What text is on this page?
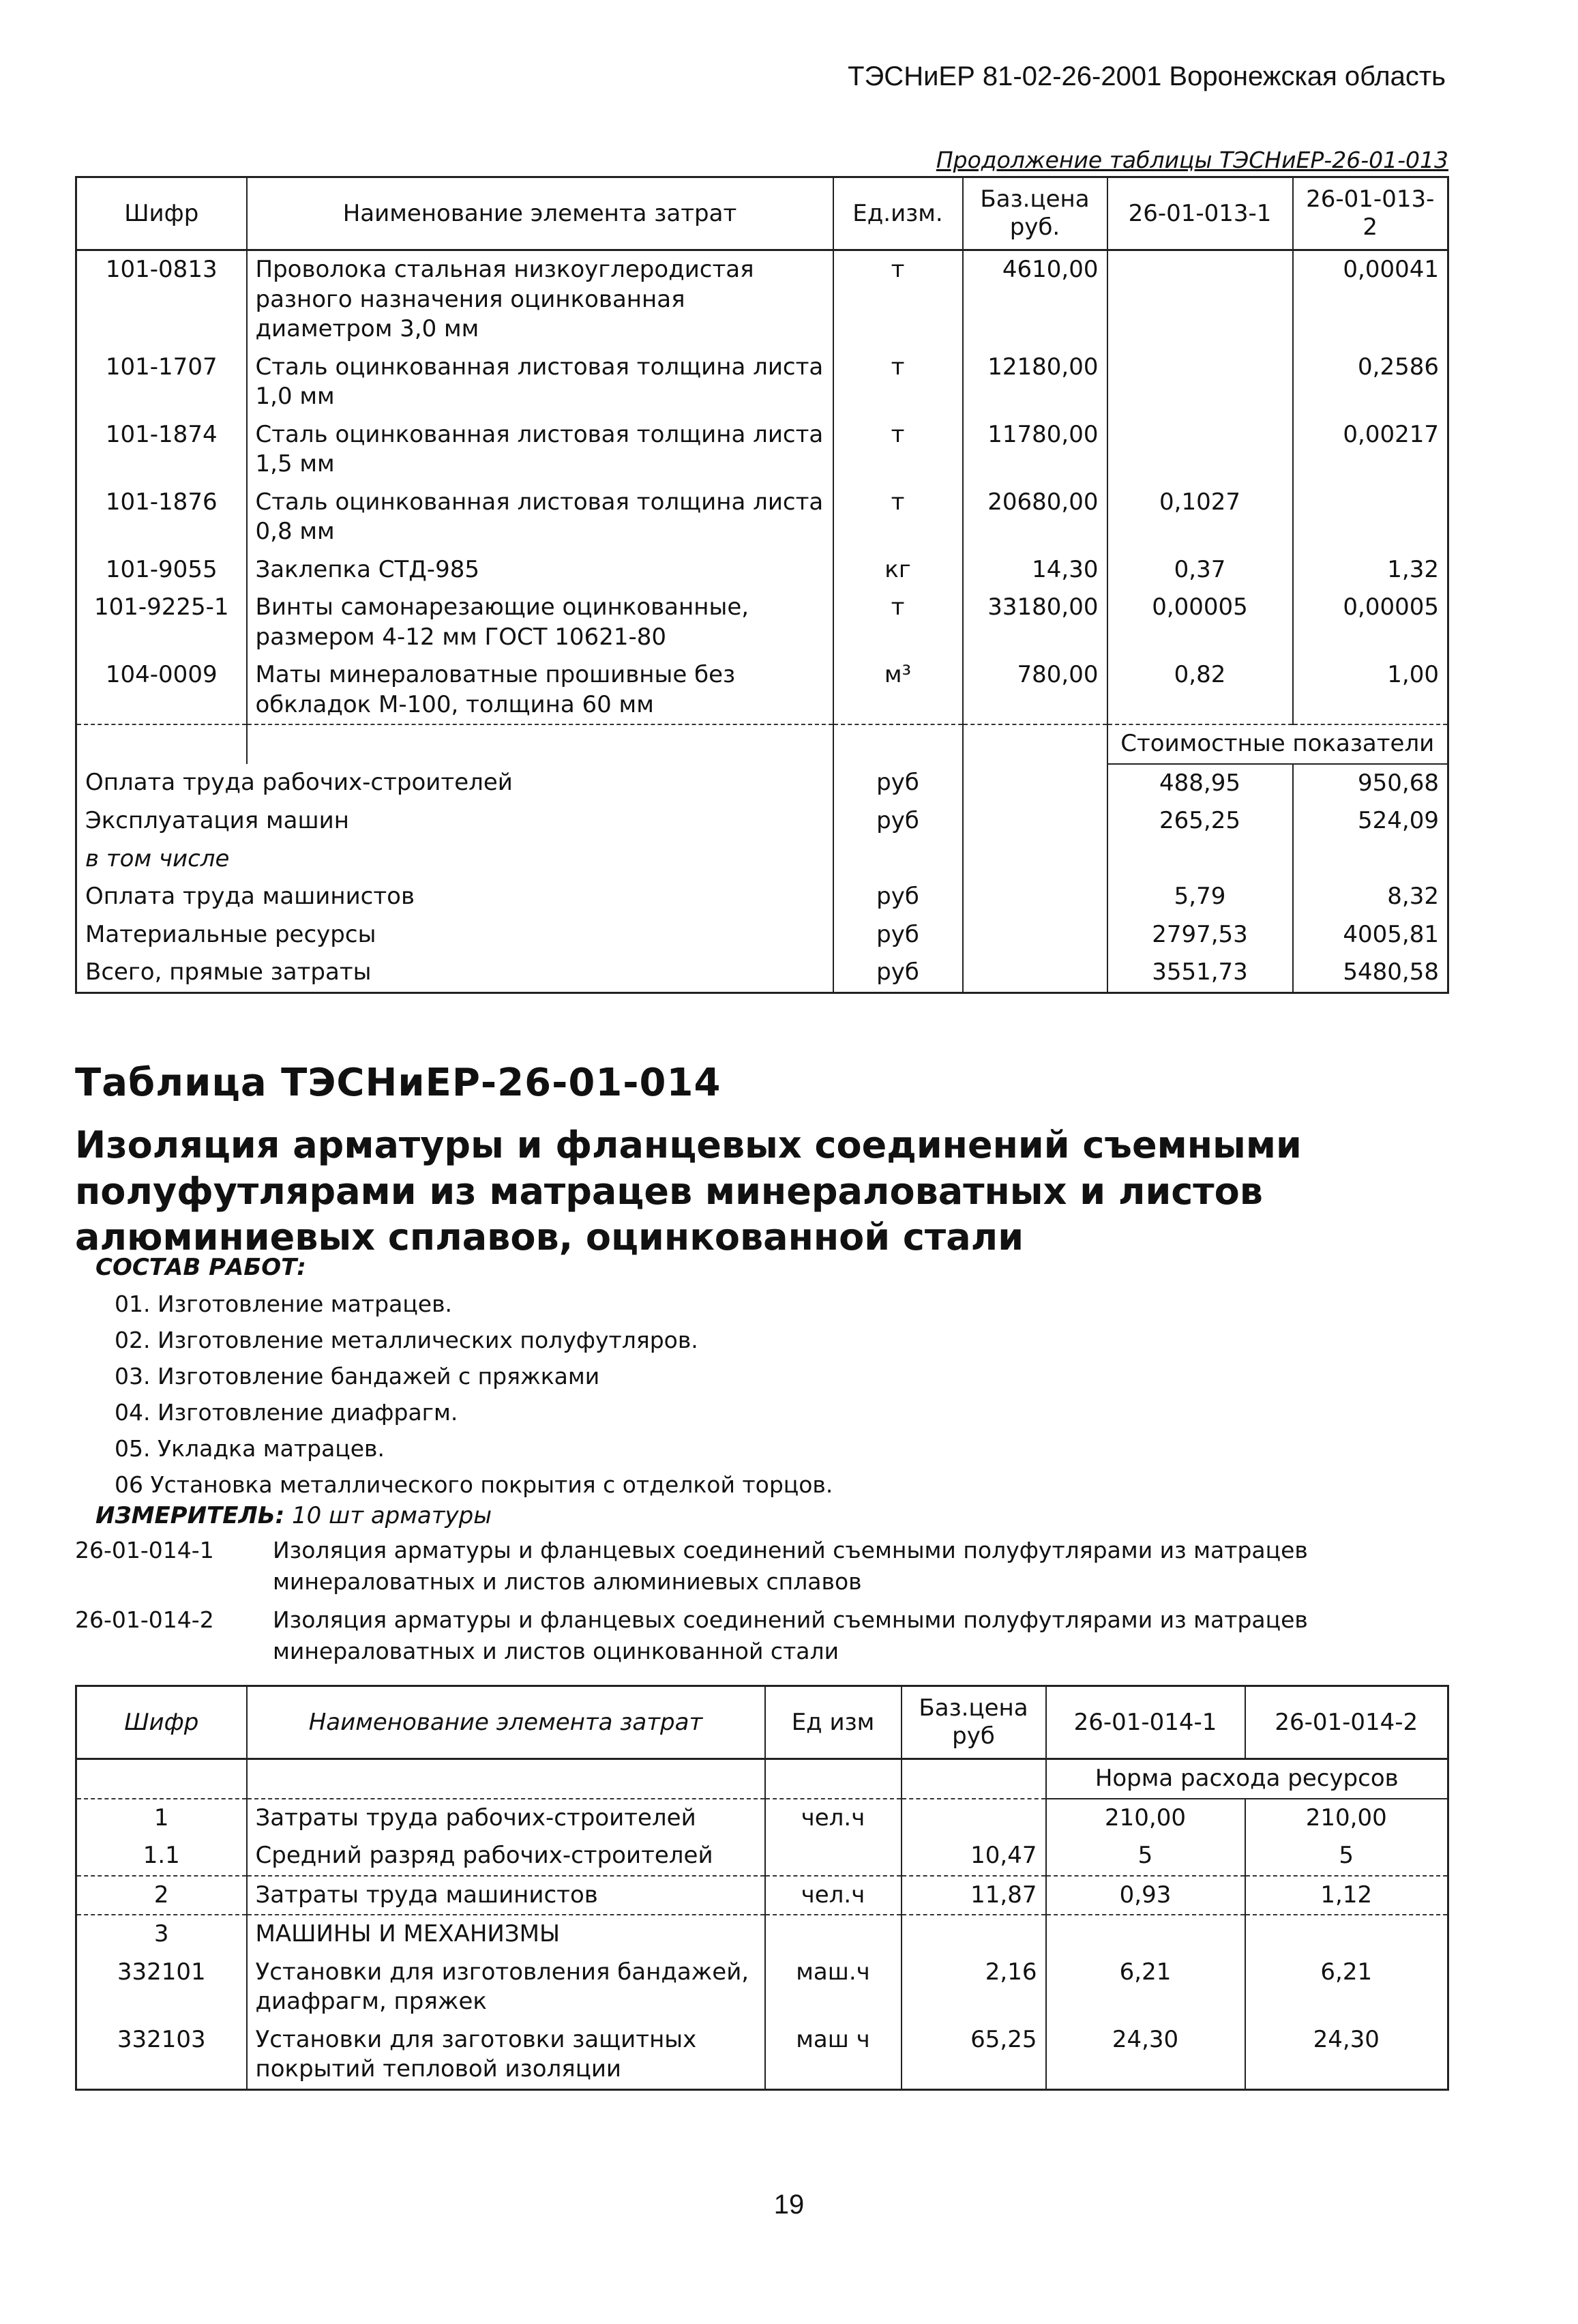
ТЭСНиЕР 81-02-26-2001 Воронежская область
Продолжение таблицы ТЭСНиЕР-26-01-013
Шифр	Наименование элемента затрат	Ед.изм.	Баз.цена руб.	26-01-013-1	26-01-013-2
101-0813	Проволока стальная низкоуглеродистая разного назначения оцинкованная диаметром 3,0 мм	т	4610,00		0,00041
101-1707	Сталь оцинкованная листовая толщина листа 1,0 мм	т	12180,00		0,2586
101-1874	Сталь оцинкованная листовая толщина листа 1,5 мм	т	11780,00		0,00217
101-1876	Сталь оцинкованная листовая толщина листа 0,8 мм	т	20680,00	0,1027	
101-9055	Заклепка СТД-985	кг	14,30	0,37	1,32
101-9225-1	Винты самонарезающие оцинкованные, размером 4-12 мм ГОСТ 10621-80	т	33180,00	0,00005	0,00005
104-0009	Маты минераловатные прошивные без обкладок М-100, толщина 60 мм	м³	780,00	0,82	1,00
				Стоимостные показатели	
Оплата труда рабочих-строителей		руб		488,95	950,68
Эксплуатация машин		руб		265,25	524,09
в том числе					
Оплата труда машинистов		руб		5,79	8,32
Материальные ресурсы		руб		2797,53	4005,81
Всего, прямые затраты		руб		3551,73	5480,58
Таблица ТЭСНиЕР-26-01-014
Изоляция арматуры и фланцевых соединений съемными полуфутлярами из матрацев минераловатных и листов алюминиевых сплавов, оцинкованной стали
СОСТАВ РАБОТ:
01. Изготовление матрацев.
02. Изготовление металлических полуфутляров.
03. Изготовление бандажей с пряжками
04. Изготовление диафрагм.
05. Укладка матрацев.
06 Установка металлического покрытия с отделкой торцов.
ИЗМЕРИТЕЛЬ: 10 шт арматуры
26-01-014-1	Изоляция арматуры и фланцевых соединений съемными полуфутлярами из матрацев минераловатных и листов алюминиевых сплавов
26-01-014-2	Изоляция арматуры и фланцевых соединений съемными полуфутлярами из матрацев минераловатных и листов оцинкованной стали
Шифр	Наименование элемента затрат	Ед изм	Баз.цена руб	26-01-014-1	26-01-014-2
				Норма расхода ресурсов	
1	Затраты труда рабочих-строителей	чел.ч		210,00	210,00
1.1	Средний разряд рабочих-строителей		10,47	5	5
2	Затраты труда машинистов	чел.ч	11,87	0,93	1,12
3	МАШИНЫ И МЕХАНИЗМЫ				
332101	Установки для изготовления бандажей, диафрагм, пряжек	маш.ч	2,16	6,21	6,21
332103	Установки для заготовки защитных покрытий тепловой изоляции	маш ч	65,25	24,30	24,30
19
